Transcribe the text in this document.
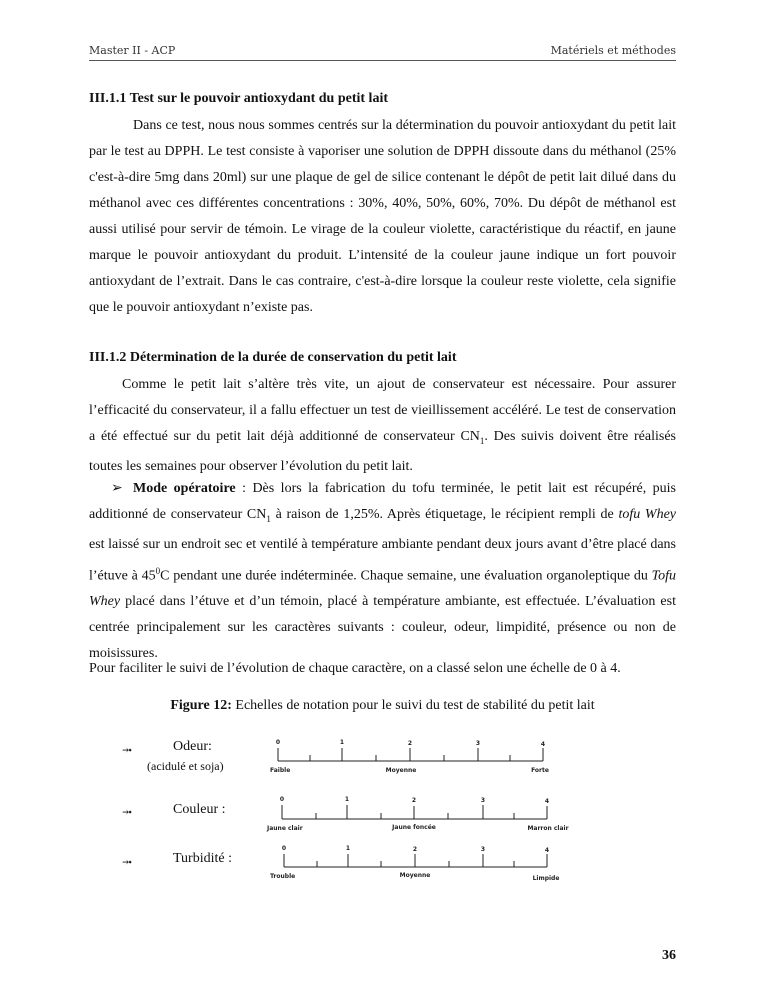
Master II - ACP	Matériels et méthodes
III.1.1 Test sur le pouvoir antioxydant du petit lait
Dans ce test, nous nous sommes centrés sur la détermination du pouvoir antioxydant du petit lait par le test au DPPH. Le test consiste à vaporiser une solution de DPPH dissoute dans du méthanol (25% c'est-à-dire 5mg dans 20ml) sur une plaque de gel de silice contenant le dépôt de petit lait dilué dans du méthanol avec ces différentes concentrations : 30%, 40%, 50%, 60%, 70%. Du dépôt de méthanol est aussi utilisé pour servir de témoin. Le virage de la couleur violette, caractéristique du réactif, en jaune marque le pouvoir antioxydant du produit. L’intensité de la couleur jaune indique un fort pouvoir antioxydant de l’extrait. Dans le cas contraire, c'est-à-dire lorsque la couleur reste violette, cela signifie que le pouvoir antioxydant n’existe pas.
III.1.2 Détermination de la durée de conservation du petit lait
Comme le petit lait s’altère très vite, un ajout de conservateur est nécessaire. Pour assurer l’efficacité du conservateur, il a fallu effectuer un test de vieillissement accéléré. Le test de conservation a été effectué sur du petit lait déjà additionné de conservateur $CN_1$. Des suivis doivent être réalisés toutes les semaines pour observer l’évolution du petit lait.
➢ Mode opératoire : Dès lors la fabrication du tofu terminée, le petit lait est récupéré, puis additionné de conservateur $CN_1$ à raison de 1,25%. Après étiquetage, le récipient rempli de tofu Whey est laissé sur un endroit sec et ventilé à température ambiante pendant deux jours avant d’être placé dans l’étuve à $45^0C$ pendant une durée indéterminée. Chaque semaine, une évaluation organoleptique du Tofu Whey placé dans l’étuve et d’un témoin, placé à température ambiante, est effectuée. L’évaluation est centrée principalement sur les caractères suivants : couleur, odeur, limpidité, présence ou non de moisissures.
Pour faciliter le suivi de l’évolution de chaque caractère, on a classé selon une échelle de 0 à 4.
Figure 12: Echelles de notation pour le suivi du test de stabilité du petit lait
⤞	Odeur:
(acidulé et soja)
0	1	2	3	4
Faible	Moyenne	Forte
⤞	Couleur :
0	1	2	3	4
Jaune clair	Jaune foncée	Marron clair
⤞	Turbidité :
0	1	2	3	4
Trouble	Moyenne	Limpide
36
